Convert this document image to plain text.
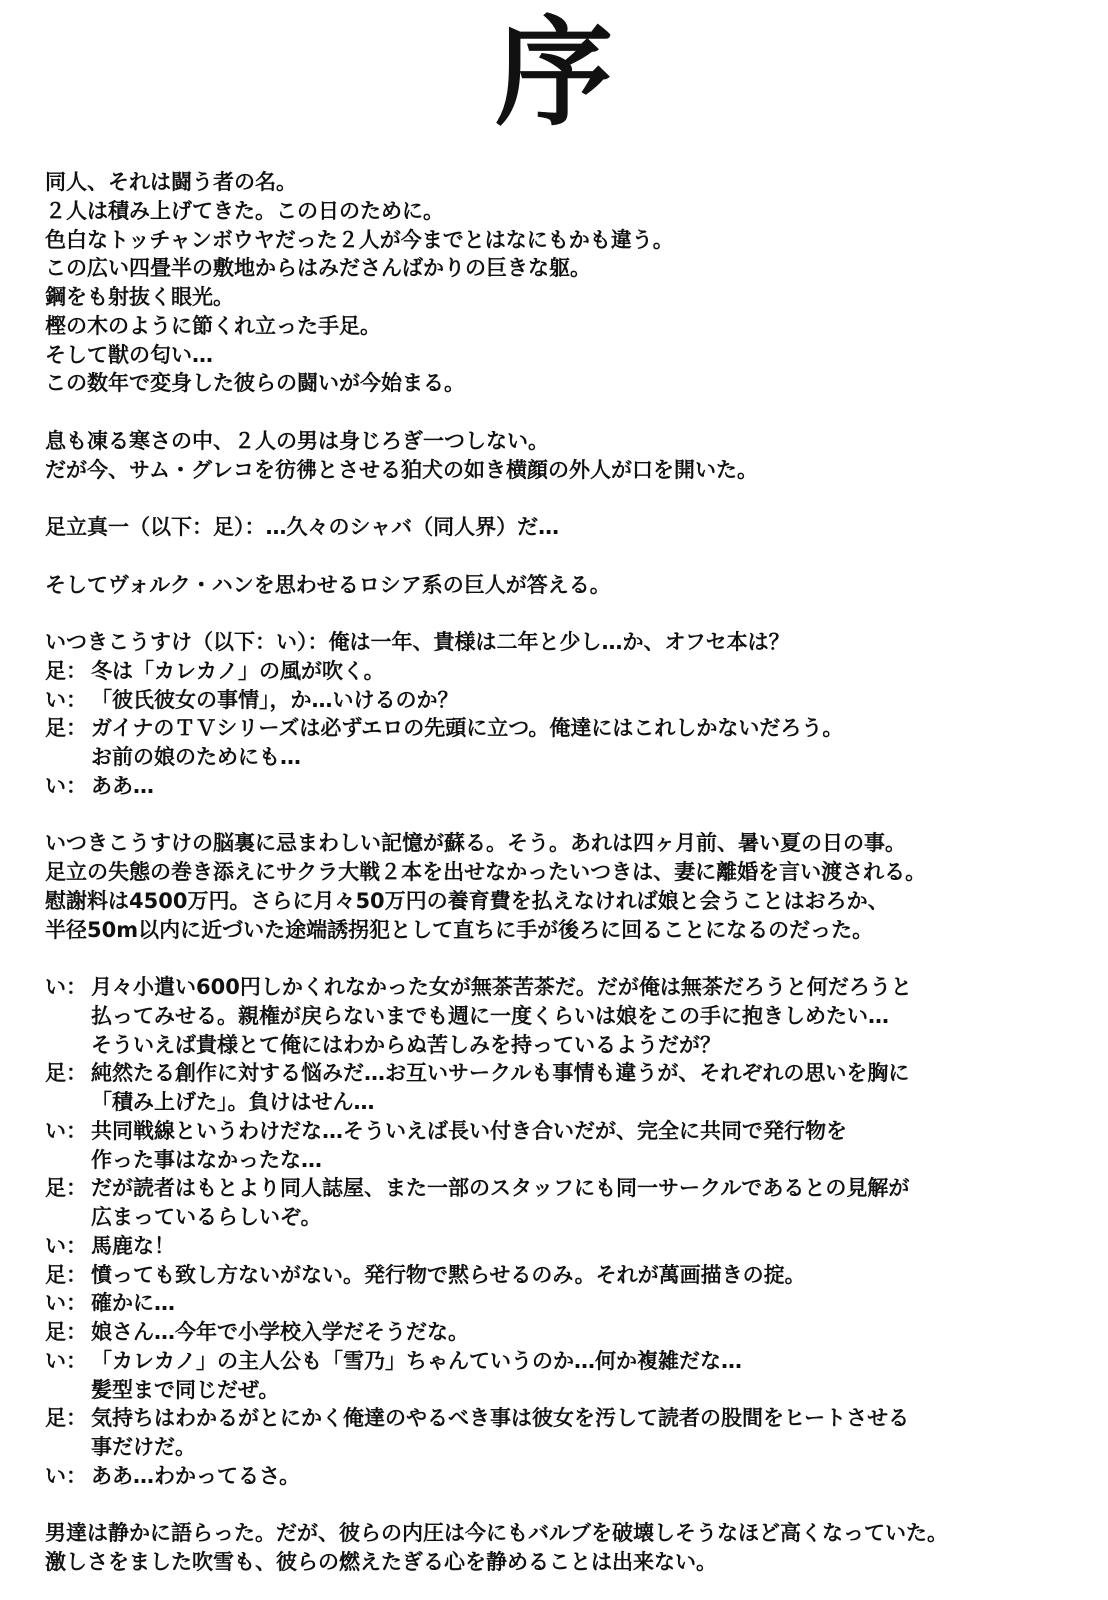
序
同人、それは闘う者の名。
２人は積み上げてきた。この日のために。
色白なトッチャンボウヤだった２人が今までとはなにもかも違う。
この広い四畳半の敷地からはみださんばかりの巨きな躯。
鋼をも射抜く眼光。
樫の木のように節くれ立った手足。
そして獣の匂い…
この数年で変身した彼らの闘いが今始まる。
息も凍る寒さの中、２人の男は身じろぎ一つしない。
だが今、サム・グレコを彷彿とさせる狛犬の如き横顔の外人が口を開いた。
足立真一（以下：足）：…久々のシャバ（同人界）だ…
そしてヴォルク・ハンを思わせるロシア系の巨人が答える。
いつきこうすけ（以下：い）：俺は一年、貴様は二年と少し…か、オフセ本は？
足： 冬は「カレカノ」の風が吹く。
い： 「彼氏彼女の事情」，か…いけるのか？
足： ガイナのＴＶシリーズは必ずエロの先頭に立つ。俺達にはこれしかないだろう。
お前の娘のためにも…
い： ああ…
いつきこうすけの脳裏に忌まわしい記憶が蘇る。そう。あれは四ヶ月前、暑い夏の日の事。
足立の失態の巻き添えにサクラ大戦２本を出せなかったいつきは、妻に離婚を言い渡される。
慰謝料は4500万円。さらに月々50万円の養育費を払えなければ娘と会うことはおろか、
半径50m以内に近づいた途端誘拐犯として直ちに手が後ろに回ることになるのだった。
い： 月々小遣い600円しかくれなかった女が無茶苦茶だ。だが俺は無茶だろうと何だろうと
払ってみせる。親権が戻らないまでも週に一度くらいは娘をこの手に抱きしめたい…
そういえば貴様とて俺にはわからぬ苦しみを持っているようだが？
足： 純然たる創作に対する悩みだ…お互いサークルも事情も違うが、それぞれの思いを胸に
「積み上げた」。負けはせん…
い： 共同戦線というわけだな…そういえば長い付き合いだが、完全に共同で発行物を
作った事はなかったな…
足： だが読者はもとより同人誌屋、また一部のスタッフにも同一サークルであるとの見解が
広まっているらしいぞ。
い： 馬鹿な！
足： 憤っても致し方ないがない。発行物で黙らせるのみ。それが萬画描きの掟。
い： 確かに…
足： 娘さん…今年で小学校入学だそうだな。
い： 「カレカノ」の主人公も「雪乃」ちゃんていうのか…何か複雑だな…
髪型まで同じだぜ。
足： 気持ちはわかるがとにかく俺達のやるべき事は彼女を汚して読者の股間をヒートさせる
事だけだ。
い： ああ…わかってるさ。
男達は静かに語らった。だが、彼らの内圧は今にもバルブを破壊しそうなほど高くなっていた。
激しさをました吹雪も、彼らの燃えたぎる心を静めることは出来ない。
